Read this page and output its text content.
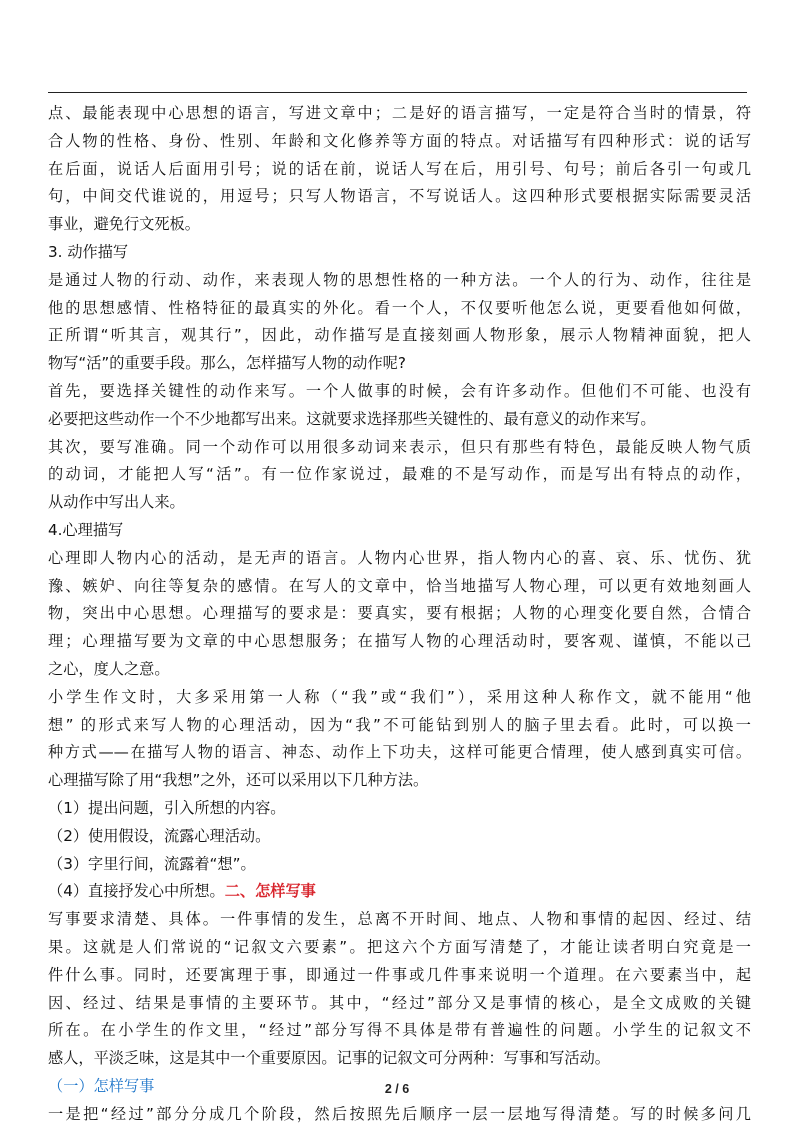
点、最能表现中心思想的语言，写进文章中；二是好的语言描写，一定是符合当时的情景，符
合人物的性格、身份、性别、年龄和文化修养等方面的特点。对话描写有四种形式：说的话写
在后面，说话人后面用引号；说的话在前，说话人写在后，用引号、句号；前后各引一句或几
句，中间交代谁说的，用逗号；只写人物语言，不写说话人。这四种形式要根据实际需要灵活
事业，避免行文死板。
3. 动作描写
是通过人物的行动、动作，来表现人物的思想性格的一种方法。一个人的行为、动作，往往是
他的思想感情、性格特征的最真实的外化。看一个人，不仅要听他怎么说，更要看他如何做，
正所谓“听其言，观其行”，因此，动作描写是直接刻画人物形象，展示人物精神面貌，把人
物写“活”的重要手段。那么，怎样描写人物的动作呢?
首先，要选择关键性的动作来写。一个人做事的时候，会有许多动作。但他们不可能、也没有
必要把这些动作一个不少地都写出来。这就要求选择那些关键性的、最有意义的动作来写。
其次，要写准确。同一个动作可以用很多动词来表示，但只有那些有特色，最能反映人物气质
的动词，才能把人写“活”。有一位作家说过，最难的不是写动作，而是写出有特点的动作，
从动作中写出人来。
4.心理描写
心理即人物内心的活动，是无声的语言。人物内心世界，指人物内心的喜、哀、乐、忧伤、犹
豫、嫉妒、向往等复杂的感情。在写人的文章中，恰当地描写人物心理，可以更有效地刻画人
物，突出中心思想。心理描写的要求是：要真实，要有根据；人物的心理变化要自然，合情合
理；心理描写要为文章的中心思想服务；在描写人物的心理活动时，要客观、谨慎，不能以己
之心，度人之意。
小学生作文时，大多采用第一人称（“我”或“我们”），采用这种人称作文，就不能用“他
想” 的形式来写人物的心理活动，因为“我”不可能钻到别人的脑子里去看。此时，可以换一
种方式——在描写人物的语言、神态、动作上下功夫，这样可能更合情理，使人感到真实可信。
心理描写除了用“我想”之外，还可以采用以下几种方法。
（1）提出问题，引入所想的内容。
（2）使用假设，流露心理活动。
（3）字里行间，流露着“想”。
（4）直接抒发心中所想。二、怎样写事
写事要求清楚、具体。一件事情的发生，总离不开时间、地点、人物和事情的起因、经过、结
果。这就是人们常说的“记叙文六要素”。把这六个方面写清楚了，才能让读者明白究竟是一
件什么事。同时，还要寓理于事，即通过一件事或几件事来说明一个道理。在六要素当中，起
因、经过、结果是事情的主要环节。其中，“经过”部分又是事情的核心，是全文成败的关键
所在。在小学生的作文里，“经过”部分写得不具体是带有普遍性的问题。小学生的记叙文不
感人，平淡乏味，这是其中一个重要原因。记事的记叙文可分两种：写事和写活动。
（一）怎样写事
一是把“经过”部分分成几个阶段，然后按照先后顺序一层一层地写得清楚。写的时候多问几
2 / 6
